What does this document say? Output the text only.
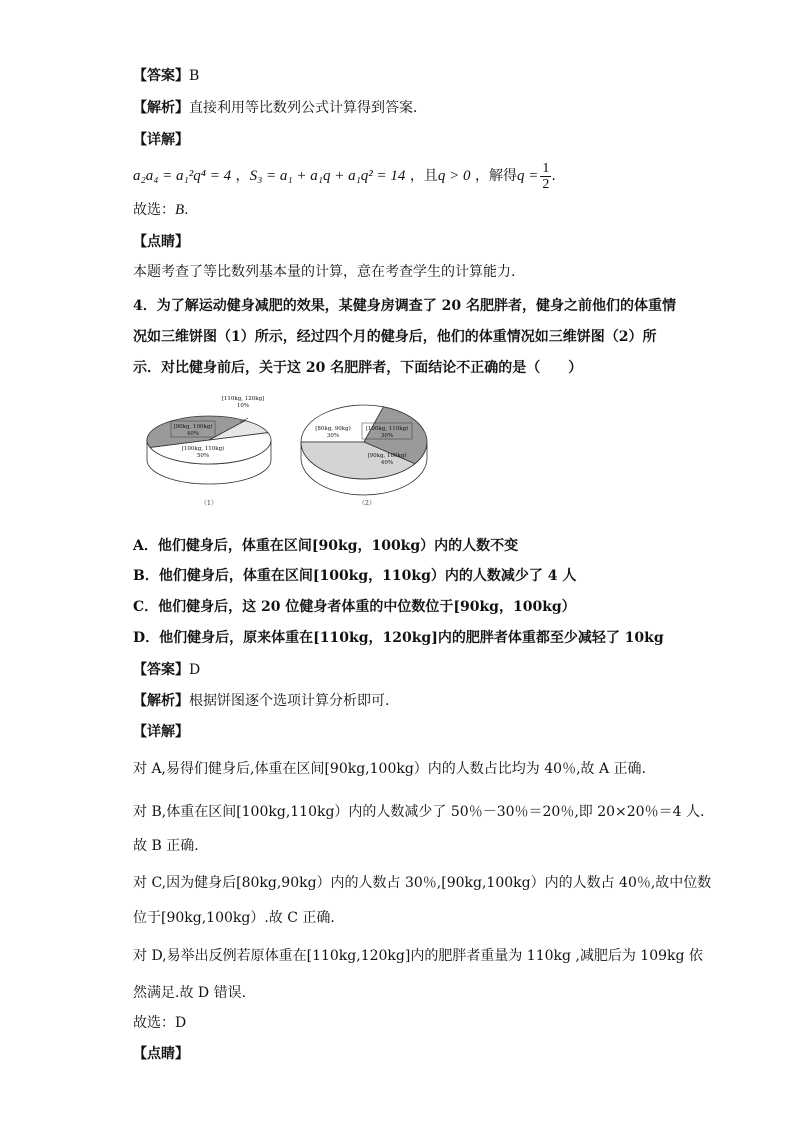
【答案】B
【解析】直接利用等比数列公式计算得到答案.
【详解】
a₂a₄ = a₁²q⁴ = 4 ，S₃ = a₁ + a₁q + a₁q² = 14 ，且q > 0 ，解得$q = \frac{1}{2}$ .
故选：B.
【点睛】
本题考查了等比数列基本量的计算，意在考查学生的计算能力.
4．为了解运动健身减肥的效果，某健身房调查了 20 名肥胖者，健身之前他们的体重情
况如三维饼图（1）所示，经过四个月的健身后，他们的体重情况如三维饼图（2）所
示．对比健身前后，关于这 20 名肥胖者，下面结论不正确的是（　　）
[100kg, 110kg) 50%
[90kg, 100kg) 40%
[110kg, 120kg] 10%
（1）
[80kg, 90kg) 30%
[100kg, 110kg) 30%
[90kg, 100kg) 40%
（2）
A．他们健身后，体重在区间[90kg，100kg）内的人数不变
B．他们健身后，体重在区间[100kg，110kg）内的人数减少了 4 人
C．他们健身后，这 20 位健身者体重的中位数位于[90kg，100kg）
D．他们健身后，原来体重在[110kg，120kg]内的肥胖者体重都至少减轻了 10kg
【答案】D
【解析】根据饼图逐个选项计算分析即可.
【详解】
对 A,易得们健身后,体重在区间[90kg,100kg）内的人数占比均为 40％,故 A 正确.
对 B,体重在区间[100kg,110kg）内的人数减少了 50％－30％＝20％,即 20×20％＝4 人.
故 B 正确.
对 C,因为健身后[80kg,90kg）内的人数占 30％,[90kg,100kg）内的人数占 40％,故中位数
位于[90kg,100kg）.故 C 正确.
对 D,易举出反例若原体重在[110kg,120kg]内的肥胖者重量为 110kg ,减肥后为 109kg 依
然满足.故 D 错误.
故选：D
【点睛】
